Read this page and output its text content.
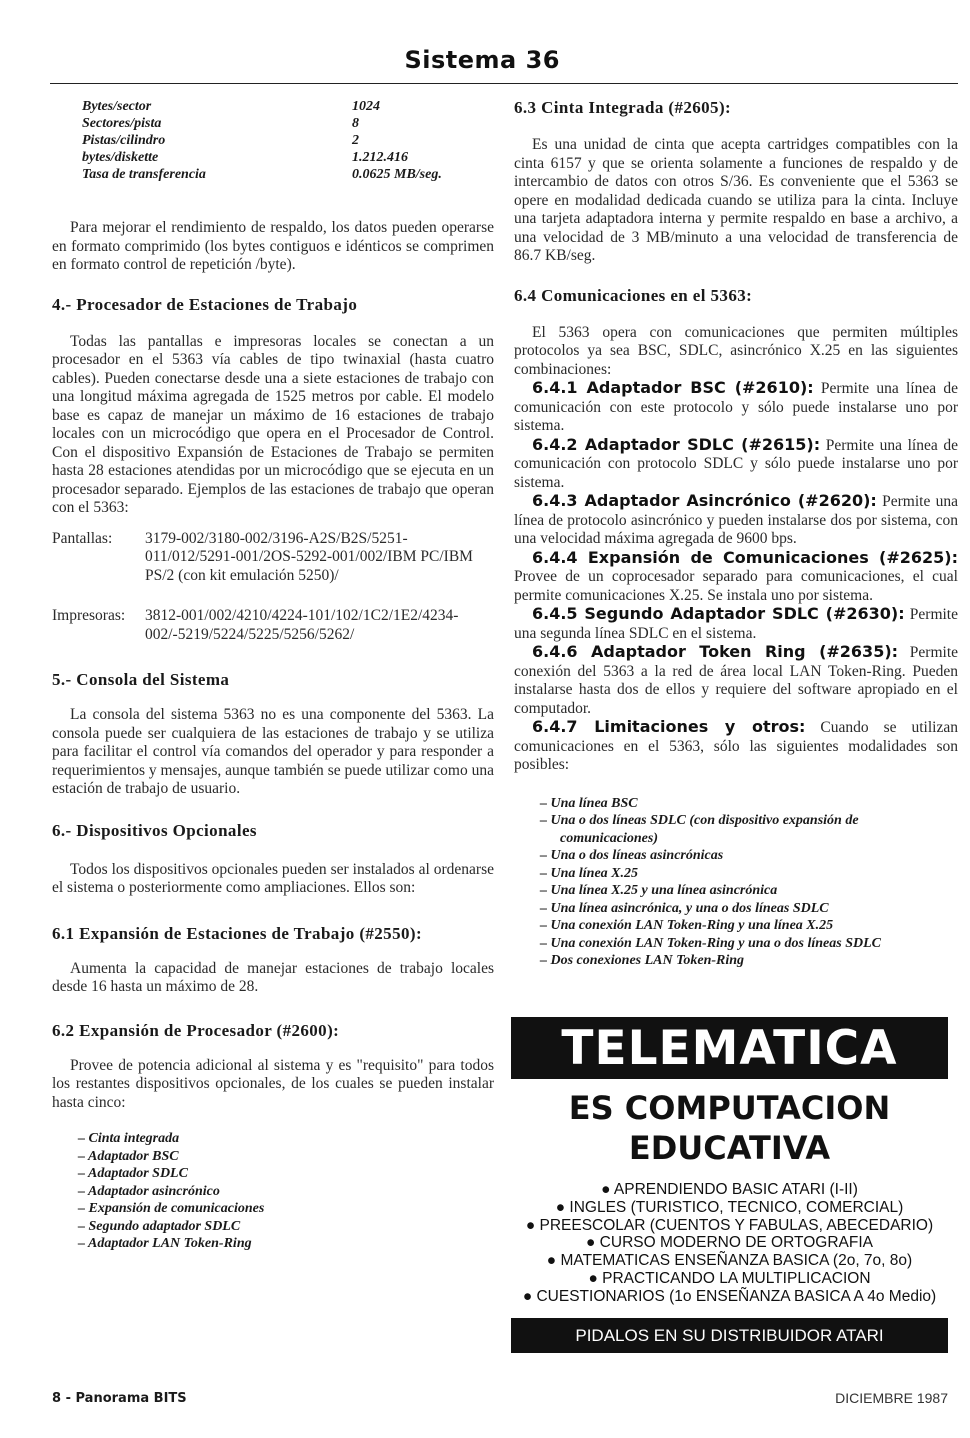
Sistema 36
Bytes/sector	1024
Sectores/pista	8
Pistas/cilindro	2
bytes/diskette	1.212.416
Tasa de transferencia	0.0625 MB/seg.

Para mejorar el rendimiento de respaldo, los datos pueden operarse en formato comprimido (los bytes contiguos e idénticos se comprimen en formato control de repetición /byte).

4.- Procesador de Estaciones de Trabajo

Todas las pantallas e impresoras locales se conectan a un procesador en el 5363 vía cables de tipo twinaxial (hasta cuatro cables). Pueden conectarse desde una a siete estaciones de trabajo con una longitud máxima agregada de 1525 metros por cable. El modelo base es capaz de manejar un máximo de 16 estaciones de trabajo locales con un microcódigo que opera en el Procesador de Control. Con el dispositivo Expansión de Estaciones de Trabajo se permiten hasta 28 estaciones atendidas por un microcódigo que se ejecuta en un procesador separado. Ejemplos de las estaciones de trabajo que operan con el 5363:

Pantallas:	3179-002/3180-002/3196-A2S/B2S/5251-011/012/5291-001/2OS-5292-001/002/IBM PC/IBM PS/2 (con kit emulación 5250)/
Impresoras:	3812-001/002/4210/4224-101/102/1C2/1E2/4234-002/-5219/5224/5225/5256/5262/
5.- Consola del Sistema

La consola del sistema 5363 no es una componente del 5363. La consola puede ser cualquiera de las estaciones de trabajo y se utiliza para facilitar el control vía comandos del operador y para responder a requerimientos y mensajes, aunque también se puede utilizar como una estación de trabajo de usuario.

6.- Dispositivos Opcionales

Todos los dispositivos opcionales pueden ser instalados al ordenarse el sistema o posteriormente como ampliaciones. Ellos son:

6.1 Expansión de Estaciones de Trabajo (#2550):

Aumenta la capacidad de manejar estaciones de trabajo locales desde 16 hasta un máximo de 28.

6.2 Expansión de Procesador (#2600):

Provee de potencia adicional al sistema y es "requisito" para todos los restantes dispositivos opcionales, de los cuales se pueden instalar hasta cinco:

– Cinta integrada
– Adaptador BSC
– Adaptador SDLC
– Adaptador asincrónico
– Expansión de comunicaciones
– Segundo adaptador SDLC
– Adaptador LAN Token-Ring
6.3 Cinta Integrada (#2605):

Es una unidad de cinta que acepta cartridges compatibles con la cinta 6157 y que se orienta solamente a funciones de respaldo y de intercambio de datos con otros S/36. Es conveniente que el 5363 se opere en modalidad dedicada cuando se utiliza para la cinta. Incluye una tarjeta adaptadora interna y permite respaldo en base a archivo, a una velocidad de 3 MB/minuto a una velocidad de transferencia de 86.7 KB/seg.

6.4 Comunicaciones en el 5363:

El 5363 opera con comunicaciones que permiten múltiples protocolos ya sea BSC, SDLC, asincrónico X.25 en las siguientes combinaciones:

6.4.1 Adaptador BSC (#2610): Permite una línea de comunicación con este protocolo y sólo puede instalarse uno por sistema.

6.4.2 Adaptador SDLC (#2615): Permite una línea de comunicación con protocolo SDLC y sólo puede instalarse uno por sistema.

6.4.3 Adaptador Asincrónico (#2620): Permite una línea de protocolo asincrónico y pueden instalarse dos por sistema, con una velocidad máxima agregada de 9600 bps.

6.4.4 Expansión de Comunicaciones (#2625): Provee de un coprocesador separado para comunicaciones, el cual permite comunicaciones X.25. Se instala uno por sistema.

6.4.5 Segundo Adaptador SDLC (#2630): Permite una segunda línea SDLC en el sistema.

6.4.6 Adaptador Token Ring (#2635): Permite conexión del 5363 a la red de área local LAN Token-Ring. Pueden instalarse hasta dos de ellos y requiere del software apropiado en el computador.

6.4.7 Limitaciones y otros: Cuando se utilizan comunicaciones en el 5363, sólo las siguientes modalidades son posibles:

– Una línea BSC
– Una o dos líneas SDLC (con dispositivo expansión de comunicaciones)
– Una o dos líneas asincrónicas
– Una línea X.25
– Una línea X.25 y una línea asincrónica
– Una línea asincrónica, y una o dos líneas SDLC
– Una conexión LAN Token-Ring y una línea X.25
– Una conexión LAN Token-Ring y una o dos líneas SDLC
– Dos conexiones LAN Token-Ring
TELEMATICA
ES COMPUTACION
EDUCATIVA
● APRENDIENDO BASIC ATARI (I-II)
● INGLES (TURISTICO, TECNICO, COMERCIAL)
● PREESCOLAR (CUENTOS Y FABULAS, ABECEDARIO)
● CURSO MODERNO DE ORTOGRAFIA
● MATEMATICAS ENSEÑANZA BASICA (2o, 7o, 8o)
● PRACTICANDO LA MULTIPLICACION
● CUESTIONARIOS (1o ENSEÑANZA BASICA A 4o Medio)
PIDALOS EN SU DISTRIBUIDOR ATARI
8 - Panorama BITS	DICIEMBRE 1987
